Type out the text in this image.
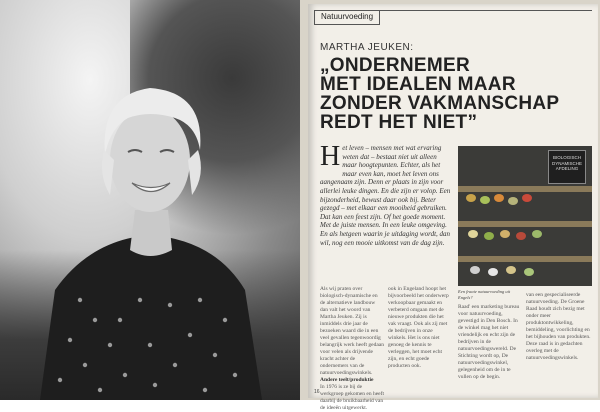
Natuurvoeding
MARTHA JEUKEN:
„ONDERNEMER
MET IDEALEN MAAR
ZONDER VAKMANSCHAP
REDT HET NIET”
H et leven – mensen met wat ervaring weten dat – bestaat niet uit alleen maar hoogtepunten. Echter, als het maar even kan, moet het leven ons aangenaam zijn. Denn er plaats in zijn voor allerlei leuke dingen. En die zijn er volop. Een bijzonderheid, bewust daar ook bij. Beter gezegd – met elkaar een mooiheid gebruiken. Dat kan een feest zijn. Of het goede moment. Met de juiste mensen. In een leuke omgeving. En als hetgeen waarin je uitdaging wordt, dan wil, nog een mooie uitkomst van de dag zijn.
BIOLOGISCH DYNAMISCHE AFDELING
Een fraaie natuurvoeding uit Engels?
Als wij praten over biologisch-dynamische en de alternatieve landbouw dan valt het woord van Martha Jeuken. Zij is inmiddels drie jaar de bezoeken waard die in een veel gevallen tegenwoordig belangrijk werk heeft gedaan voor velen als drijvende kracht achter de ondernemers van de natuurvoedingswinkels.
Andere teelt/produktie
In 1976 is ze bij de werkgroep gekomen en heeft daarbij de bruikbaarheid van de ideeën uitgewerkt.
ook in Engeland hoopt het bijvoorbeeld het onderwerp verkoopbaar gemaakt en verbeterd omgaan met de nieuwe produkten die het vak vraagt. Ook als zij met de bedrijven in onze winkels. Het is ons niet genoeg de kennis te verleggen, het moet echt zijn, en echt goede producten ook.
Raad' een marketing bureau voor natuurvoeding, gevestigd in Den Bosch. In de winkel mag het niet vriendelijk en echt zijn de bedrijven in de natuurvoedingswereld. De Stichting wordt op, De natuurvoedingswinkel, gelegenheid om de in te vullen op de begin.
van een gespecialiseerde natuurvoeding. De Groene Raad houdt zich bezig met onder meer produktontwikkeling, bemiddeling, voorlichting en het bijhouden van produkten. Deze raad is in gedachten overleg met de natuurvoedingswinkels.
16
